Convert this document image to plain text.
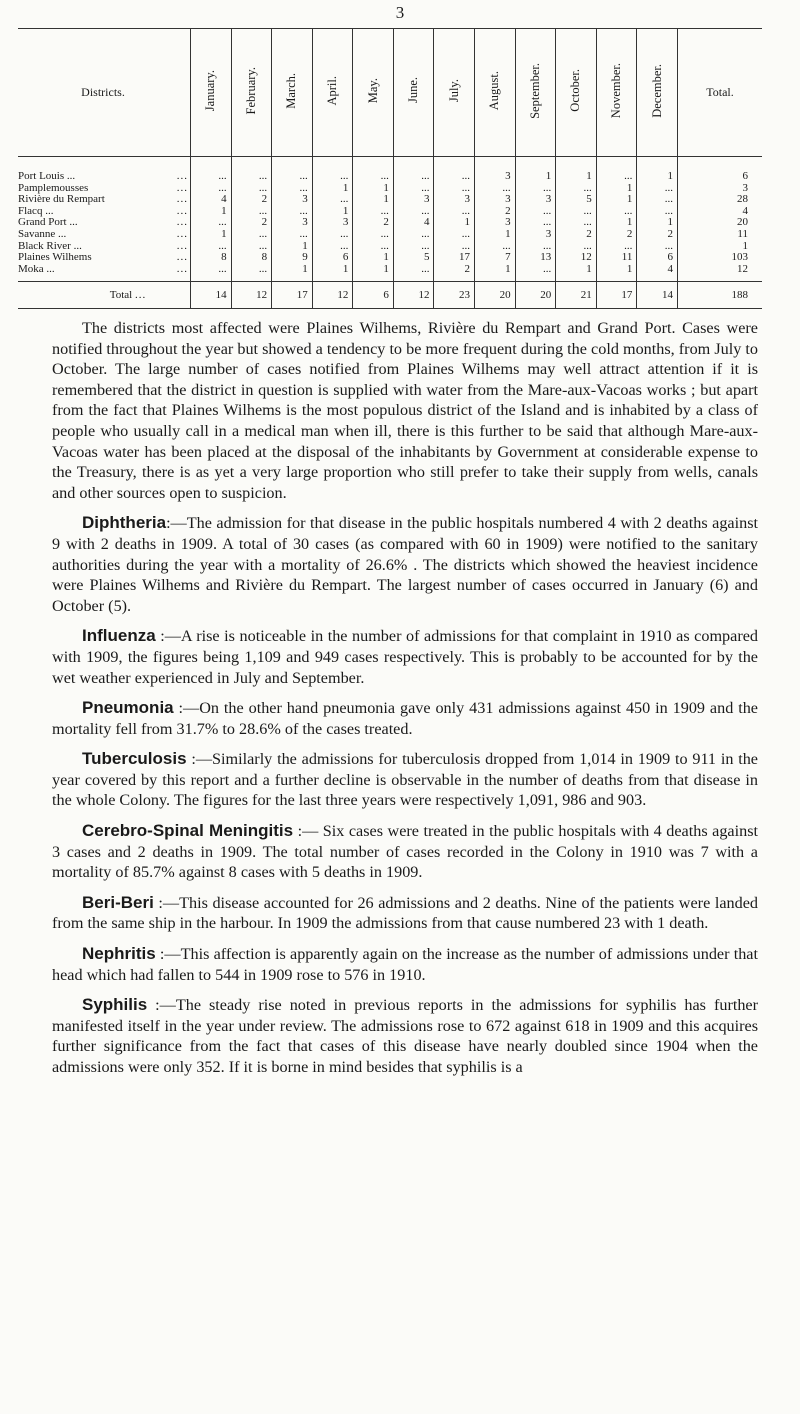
3
Districts.	January.	February.	March.	April.	May.	June.	July.	August.	September.	October.	November.	December.	Total.

Port Louis ... ...	...	...	...	...	...	...	...	3	1	1	...	1	6

Pamplemousses ...	...	...	...	1	1	...	...	...	...	...	1	...	3

Rivière du Rempart ...	4	2	3	...	1	3	3	3	3	5	1	...	28

Flacq ... ...	1	...	...	1	...	...	...	2	...	...	...	...	4

Grand Port ... ...	...	2	3	3	2	4	1	3	...	...	1	1	20

Savanne ... ...	1	...	...	...	...	...	...	1	3	2	2	2	11

Black River ... ...	...	...	1	...	...	...	...	...	...	...	...	...	1

Plaines Wilhems ...	8	8	9	6	1	5	17	7	13	12	11	6	103

Moka ... ...	...	...	1	1	1	...	2	1	...	1	1	4	12
Total ...	14	12	17	12	6	12	23	20	20	21	17	14	188

The districts most affected were Plaines Wilhems, Rivière du Rempart and Grand Port. Cases were notified throughout the year but showed a tendency to be more frequent during the cold months, from July to October. The large number of cases notified from Plaines Wilhems may well attract attention if it is remembered that the district in question is supplied with water from the Mare-aux-Vacoas works ; but apart from the fact that Plaines Wilhems is the most populous district of the Island and is inhabited by a class of people who usually call in a medical man when ill, there is this further to be said that although Mare-aux-Vacoas water has been placed at the disposal of the inhabitants by Government at considerable expense to the Treasury, there is as yet a very large proportion who still prefer to take their supply from wells, canals and other sources open to suspicion.

Diphtheria:—The admission for that disease in the public hospitals numbered 4 with 2 deaths against 9 with 2 deaths in 1909. A total of 30 cases (as compared with 60 in 1909) were notified to the sanitary authorities during the year with a mortality of 26.6% . The districts which showed the heaviest incidence were Plaines Wilhems and Rivière du Rempart. The largest number of cases occurred in January (6) and October (5).

Influenza :—A rise is noticeable in the number of admissions for that complaint in 1910 as compared with 1909, the figures being 1,109 and 949 cases respectively. This is probably to be accounted for by the wet weather experienced in July and September.

Pneumonia :—On the other hand pneumonia gave only 431 admissions against 450 in 1909 and the mortality fell from 31.7% to 28.6% of the cases treated.

Tuberculosis :—Similarly the admissions for tuberculosis dropped from 1,014 in 1909 to 911 in the year covered by this report and a further decline is observable in the number of deaths from that disease in the whole Colony. The figures for the last three years were respectively 1,091, 986 and 903.

Cerebro-Spinal Meningitis :— Six cases were treated in the public hospitals with 4 deaths against 3 cases and 2 deaths in 1909. The total number of cases recorded in the Colony in 1910 was 7 with a mortality of 85.7% against 8 cases with 5 deaths in 1909.

Beri-Beri :—This disease accounted for 26 admissions and 2 deaths. Nine of the patients were landed from the same ship in the harbour. In 1909 the admissions from that cause numbered 23 with 1 death.

Nephritis :—This affection is apparently again on the increase as the number of admissions under that head which had fallen to 544 in 1909 rose to 576 in 1910.

Syphilis :—The steady rise noted in previous reports in the admissions for syphilis has further manifested itself in the year under review. The admissions rose to 672 against 618 in 1909 and this acquires further significance from the fact that cases of this disease have nearly doubled since 1904 when the admissions were only 352. If it is borne in mind besides that syphilis is a
